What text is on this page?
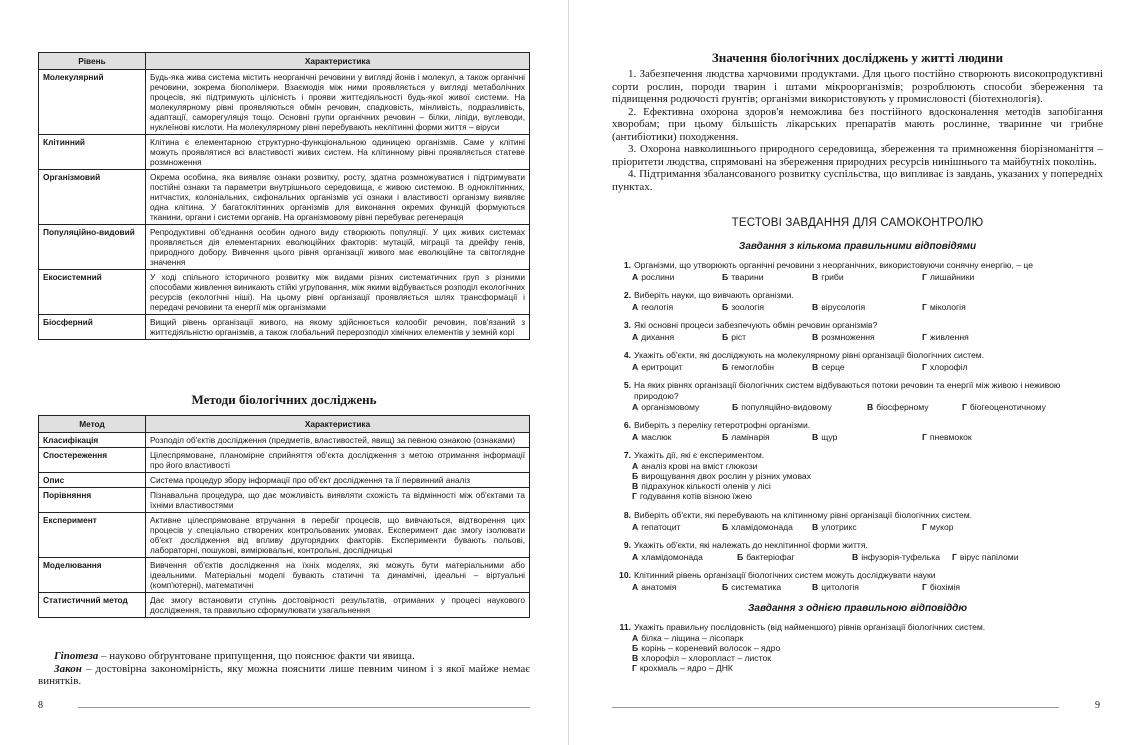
Рівень	Характеристика
Молекулярний	Будь-яка жива система містить неорганічні речовини у вигляді йонів і молекул, а також органічні речовини, зокрема біополімери. Взаємодія між ними проявляється у вигляді метаболічних процесів, які підтримують цілісність і прояви життєдіяльності будь-якої живої системи. На молекулярному рівні проявляються обмін речовин, спадковість, мінливість, подразливість, адаптації, саморегуляція тощо. Основні групи органічних речовин – білки, ліпіди, вуглеводи, нуклеїнові кислоти. На молекулярному рівні перебувають неклітинні форми життя – віруси
Клітинний	Клітина є елементарною структурно-функціональною одиницею організмів. Саме у клітині можуть проявлятися всі властивості живих систем. На клітинному рівні проявляється статеве розмноження
Організмовий	Окрема особина, яка виявляє ознаки розвитку, росту, здатна розмножуватися і підтримувати постійні ознаки та параметри внутрішнього середовища, є живою системою. В одноклітинних, нитчастих, колоніальних, сифональних організмів усі ознаки і властивості організму виявляє одна клітина. У багатоклітинних організмів для виконання окремих функцій формуються тканини, органи і системи органів. На організмовому рівні перебуває регенерація
Популяційно-видовий	Репродуктивні об'єднання особин одного виду створюють популяції. У цих живих системах проявляється дія елементарних еволюційних факторів: мутацій, міграції та дрейфу генів, природного добору. Вивчення цього рівня організації живого має еволюційне та світоглядне значення
Екосистемний	У ході спільного історичного розвитку між видами різних систематичних груп з різними способами живлення виникають стійкі угруповання, між якими відбувається розподіл екологічних ресурсів (екологічні ніші). На цьому рівні організації проявляється шлях трансформації і передачі речовини та енергії між організмами
Біосферний	Вищий рівень організації живого, на якому здійснюється колообіг речовин, пов'язаний з життєдіяльністю організмів, а також глобальний перерозподіл хімічних елементів у земній корі
Методи біологічних досліджень
Метод	Характеристика
Класифікація	Розподіл об'єктів дослідження (предметів, властивостей, явищ) за певною ознакою (ознаками)
Спостереження	Цілеспрямоване, планомірне сприйняття об'єкта дослідження з метою отримання інформації про його властивості
Опис	Система процедур збору інформації про об'єкт дослідження та її первинний аналіз
Порівняння	Пізнавальна процедура, що дає можливість виявляти схожість та відмінності між об'єктами та їхніми властивостями
Експеримент	Активне цілеспрямоване втручання в перебіг процесів, що вивчаються, відтворення цих процесів у спеціально створених контрольованих умовах. Експеримент дає змогу ізолювати об'єкт дослідження від впливу другорядних факторів. Експерименти бувають польові, лабораторні, пошукові, вимірювальні, контрольні, дослідницькі
Моделювання	Вивчення об'єктів дослідження на їхніх моделях, які можуть бути матеріальними або ідеальними. Матеріальні моделі бувають статичні та динамічні, ідеальні – віртуальні (комп'ютерні), математичні
Статистичний метод	Дає змогу встановити ступінь достовірності результатів, отриманих у процесі наукового дослідження, та правильно сформулювати узагальнення

Гіпотеза – науково обґрунтоване припущення, що пояснює факти чи явища.

Закон – достовірна закономірність, яку можна пояснити лише певним чином і з якої майже немає винятків.

8
Значення біологічних досліджень у житті людини

1. Забезпечення людства харчовими продуктами. Для цього постійно створюють високопродуктивні сорти рослин, породи тварин і штами мікроорганізмів; розроблюють способи збереження та підвищення родючості ґрунтів; організми використовують у промисловості (біотехнологія).

2. Ефективна охорона здоров'я неможлива без постійного вдосконалення методів запобігання хворобам; при цьому більшість лікарських препаратів мають рослинне, тваринне чи грибне (антибіотики) походження.

3. Охорона навколишнього природного середовища, збереження та примноження біорізноманіття – пріоритети людства, спрямовані на збереження природних ресурсів нинішнього та майбутніх поколінь.

4. Підтримання збалансованого розвитку суспільства, що випливає із завдань, указаних у попередніх пунктах.

ТЕСТОВІ ЗАВДАННЯ ДЛЯ САМОКОНТРОЛЮ
Завдання з кількома правильними відповідями
1. Організми, що утворюють органічні речовини з неорганічних, використовуючи сонячну енергію, – це
А рослини	Б тварини	В гриби	Г лишайники
2. Виберіть науки, що вивчають організми.
А геологія	Б зоологія	В вірусологія	Г мікологія
3. Які основні процеси забезпечують обмін речовин організмів?
А дихання	Б ріст	В розмноження	Г живлення
4. Укажіть об'єкти, які досліджують на молекулярному рівні організації біологічних систем.
А еритроцит	Б гемоглобін	В серце	Г хлорофіл
5. На яких рівнях організації біологічних систем відбуваються потоки речовин та енергії між живою і неживою природою?
А організмовому	Б популяційно-видовому	В біосферному	Г біогеоценотичному
6. Виберіть з переліку гетеротрофні організми.
А маслюк	Б ламінарія	В щур	Г пневмокок
7. Укажіть дії, які є експериментом.
А аналіз крові на вміст глюкози
Б вирощування двох рослин у різних умовах
В підрахунок кількості оленів у лісі
Г годування котів візною їжею
8. Виберіть об'єкти, які перебувають на клітинному рівні організації біологічних систем.
А гепатоцит	Б хламідомонада В улотрикс	Г мукор
9. Укажіть об'єкти, які належать до неклітинної форми життя.
А хламідомонада	Б бактеріофаг	В інфузорія-туфелька Г вірус папіломи
10. Клітинний рівень організації біологічних систем можуть досліджувати науки
А анатомія	Б систематика	В цитологія	Г біохімія
11. Укажіть правильну послідовність (від найменшого) рівнів організації біологічних систем.
А білка – ліщина – лісопарк
Б корінь – кореневий волосок – ядро
В хлорофіл – хлоропласт – листок
Г крохмаль – ядро – ДНК
Завдання з однією правильною відповіддю
9
